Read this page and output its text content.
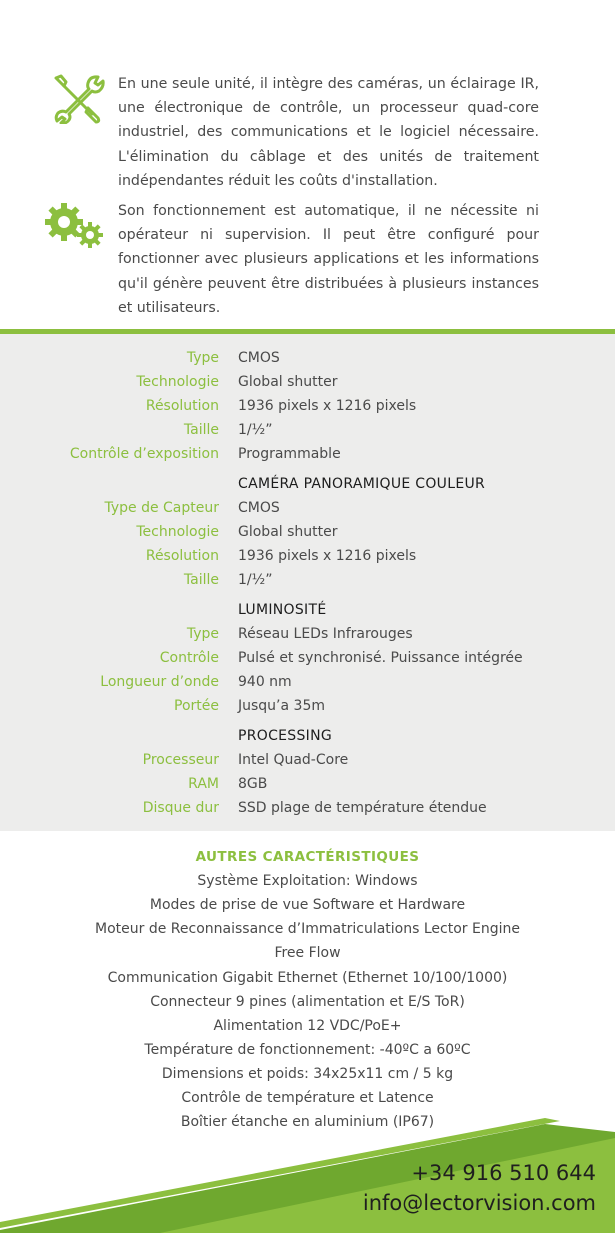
En une seule unité, il intègre des caméras, un éclairage IR, une électronique de contrôle, un processeur quad-core industriel, des communications et le logiciel nécessaire. L'élimination du câblage et des unités de traitement indépendantes réduit les coûts d'installation.

Son fonctionnement est automatique, il ne nécessite ni opérateur ni supervision. Il peut être configuré pour fonctionner avec plusieurs applications et les informations qu'il génère peuvent être distribuées à plusieurs instances et utilisateurs.

Type CMOS
Technologie Global shutter
Résolution 1936 pixels x 1216 pixels
Taille 1/½”
Contrôle d’exposition Programmable
CAMÉRA PANORAMIQUE COULEUR
Type de Capteur CMOS
Technologie Global shutter
Résolution 1936 pixels x 1216 pixels
Taille 1/½”
LUMINOSITÉ
Type Réseau LEDs Infrarouges
Contrôle Pulsé et synchronisé. Puissance intégrée
Longueur d’onde 940 nm
Portée Jusqu’a 35m
PROCESSING
Processeur Intel Quad-Core
RAM 8GB
Disque dur SSD plage de température étendue
AUTRES CARACTÉRISTIQUES
Système Exploitation: Windows
Modes de prise de vue Software et Hardware
Moteur de Reconnaissance d’Immatriculations Lector Engine
Free Flow
Communication Gigabit Ethernet (Ethernet 10/100/1000)
Connecteur 9 pines (alimentation et E/S ToR)
Alimentation 12 VDC/PoE+
Température de fonctionnement: -40ºC a 60ºC
Dimensions et poids: 34x25x11 cm / 5 kg
Contrôle de température et Latence
Boîtier étanche en aluminium (IP67)
+34 916 510 644
info@lectorvision.com
